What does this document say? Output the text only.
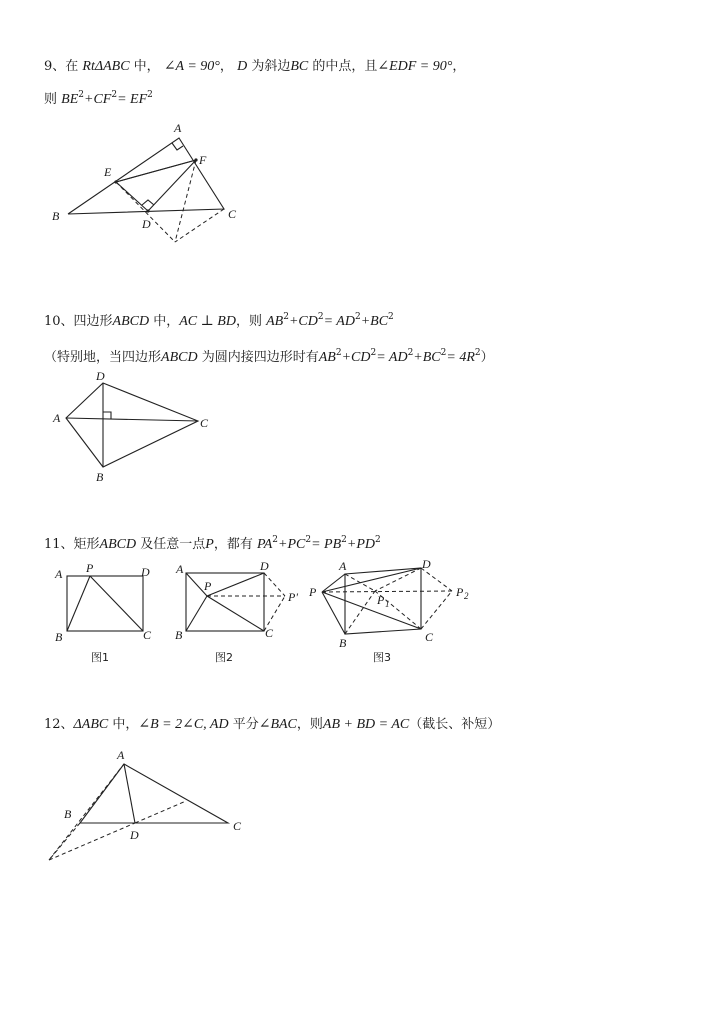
9、在 RtΔABC 中， ∠A = 90°， D 为斜边BC 的中点，且∠EDF = 90°，
则 $BE^2+CF^2= EF^2$
10、四边形ABCD 中，AC ⊥ BD，则 $AB^2+CD^2= AD^2+BC^2$
（特别地，当四边形ABCD 为圆内接四边形时有$AB^2+CD^2= AD^2+BC^2= 4R^2$）
11、矩形ABCD 及任意一点P，都有 $PA^2+PC^2= PB^2+PD^2$
12、ΔABC 中，∠B = 2∠C, AD 平分∠BAC，则AB + BD = AC（截长、补短）
A
E
F
B
D
C
D
A	C
B
A P	D
B	C
图1
A
P
D
P'
B	C
图2
A
P
D
P 1
P 2
B	C
图3
A
B
D
C
